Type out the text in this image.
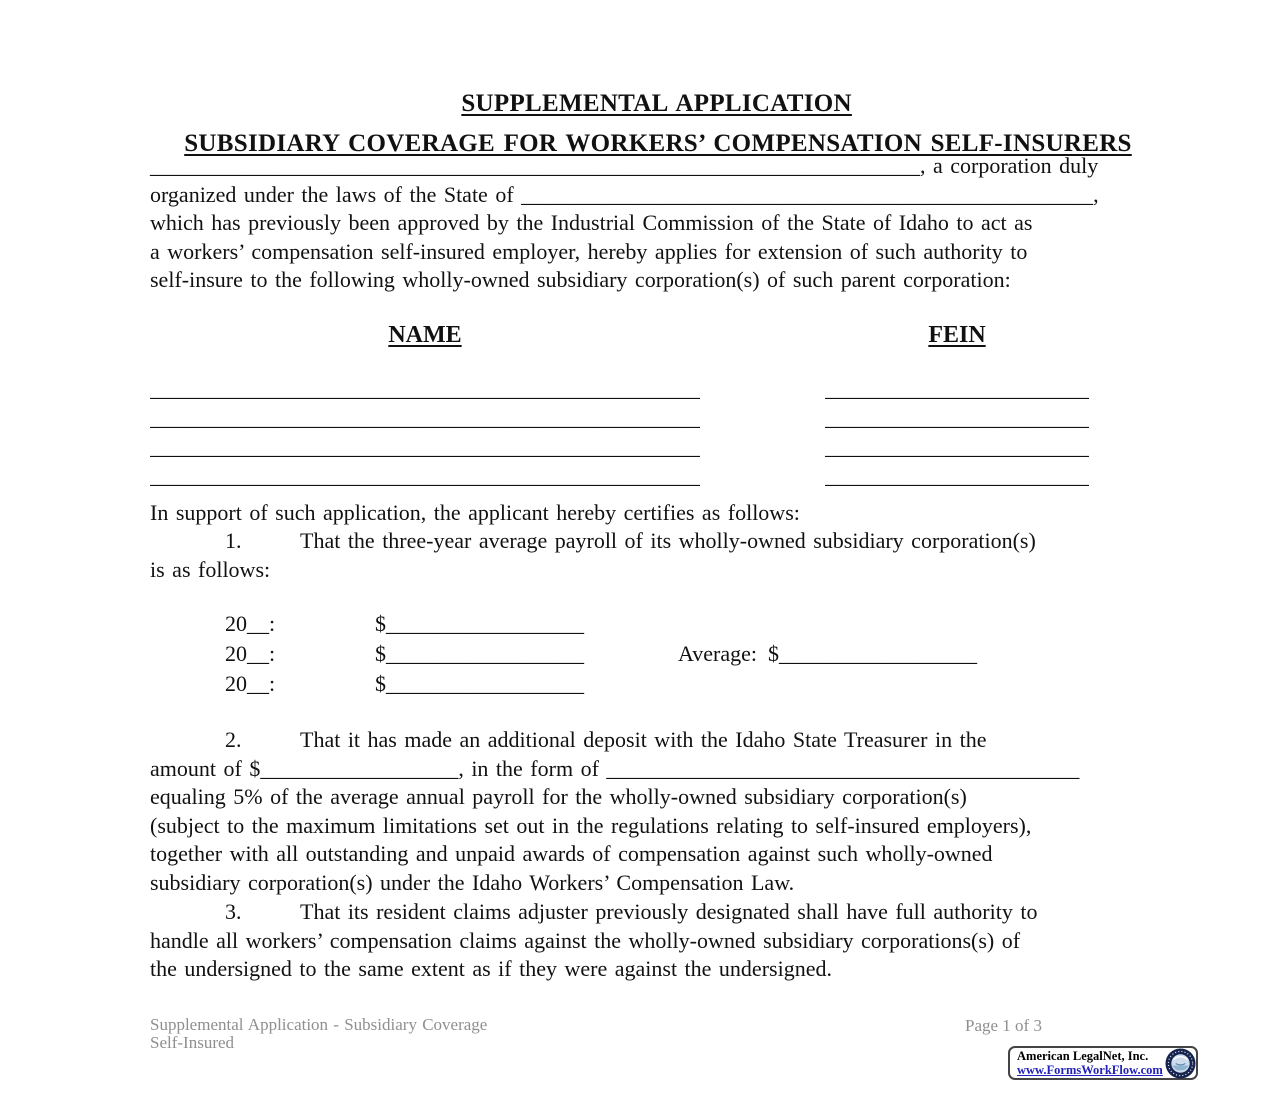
SUPPLEMENTAL APPLICATION

SUBSIDIARY COVERAGE FOR WORKERS’ COMPENSATION SELF-INSURERS

______________________________________________________________________, a corporation duly
organized under the laws of the State of ____________________________________________________,
which has previously been approved by the Industrial Commission of the State of Idaho to act as
a workers’ compensation self-insured employer, hereby applies for extension of such authority to
self-insure to the following wholly-owned subsidiary corporation(s) of such parent corporation:
NAME	FEIN
__________________________________________________	________________________
__________________________________________________	________________________
__________________________________________________	________________________
__________________________________________________	________________________
In support of such application, the applicant hereby certifies as follows:
1.	That the three-year average payroll of its wholly-owned subsidiary corporation(s)
is as follows:
20__:	$__________________
20__:	$__________________	Average:  $__________________
20__:	$__________________
2.	That it has made an additional deposit with the Idaho State Treasurer in the
amount of $__________________, in the form of ___________________________________________
equaling 5% of the average annual payroll for the wholly-owned subsidiary corporation(s)
(subject to the maximum limitations set out in the regulations relating to self-insured employers),
together with all outstanding and unpaid awards of compensation against such wholly-owned
subsidiary corporation(s) under the Idaho Workers’ Compensation Law.
3.	That its resident claims adjuster previously designated shall have full authority to
handle all workers’ compensation claims against the wholly-owned subsidiary corporations(s) of
the undersigned to the same extent as if they were against the undersigned.
Supplemental Application - Subsidiary Coverage
Self-Insured
Page 1 of 3
American LegalNet, Inc.
www.FormsWorkFlow.com
